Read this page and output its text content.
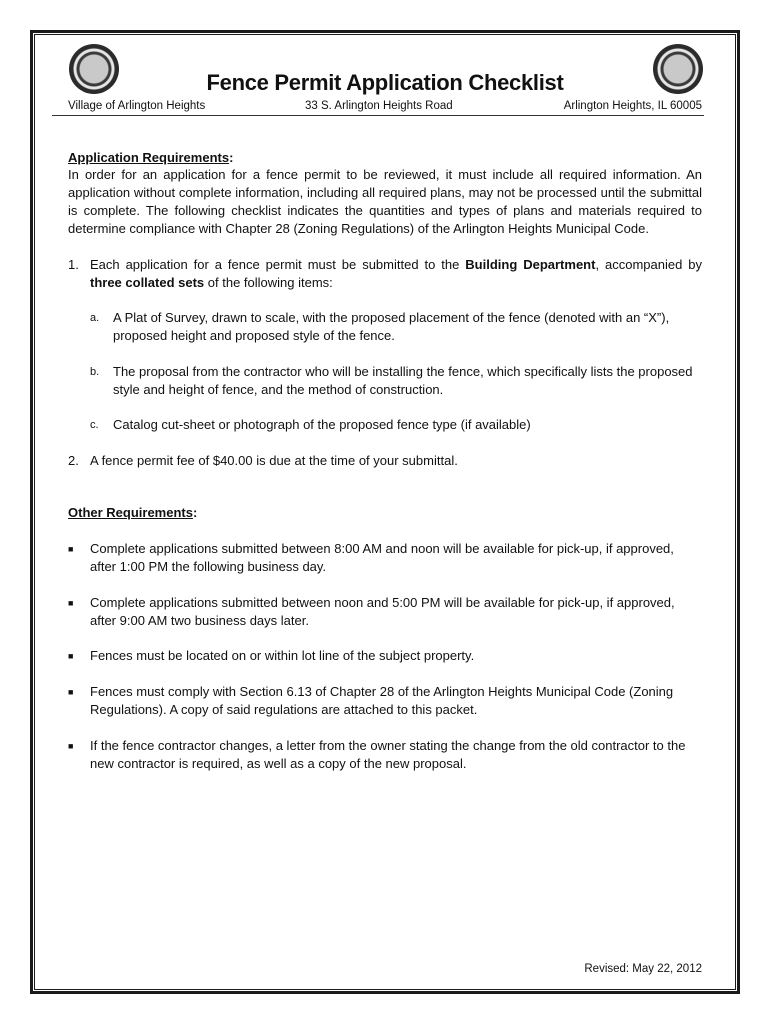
Fence Permit Application Checklist
Village of Arlington Heights	33 S. Arlington Heights Road	Arlington Heights, IL 60005

Application Requirements:

In order for an application for a fence permit to be reviewed, it must include all required information. An application without complete information, including all required plans, may not be processed until the submittal is complete. The following checklist indicates the quantities and types of plans and materials required to determine compliance with Chapter 28 (Zoning Regulations) of the Arlington Heights Municipal Code.

1. Each application for a fence permit must be submitted to the Building Department, accompanied by three collated sets of the following items:

a. A Plat of Survey, drawn to scale, with the proposed placement of the fence (denoted with an “X”), proposed height and proposed style of the fence.

b. The proposal from the contractor who will be installing the fence, which specifically lists the proposed style and height of fence, and the method of construction.

c. Catalog cut-sheet or photograph of the proposed fence type (if available)

2. A fence permit fee of $40.00 is due at the time of your submittal.

Other Requirements:

■ Complete applications submitted between 8:00 AM and noon will be available for pick-up, if approved, after 1:00 PM the following business day.

■ Complete applications submitted between noon and 5:00 PM will be available for pick-up, if approved, after 9:00 AM two business days later.

■ Fences must be located on or within lot line of the subject property.

■ Fences must comply with Section 6.13 of Chapter 28 of the Arlington Heights Municipal Code (Zoning Regulations). A copy of said regulations are attached to this packet.

■ If the fence contractor changes, a letter from the owner stating the change from the old contractor to the new contractor is required, as well as a copy of the new proposal.

Revised: May 22, 2012
